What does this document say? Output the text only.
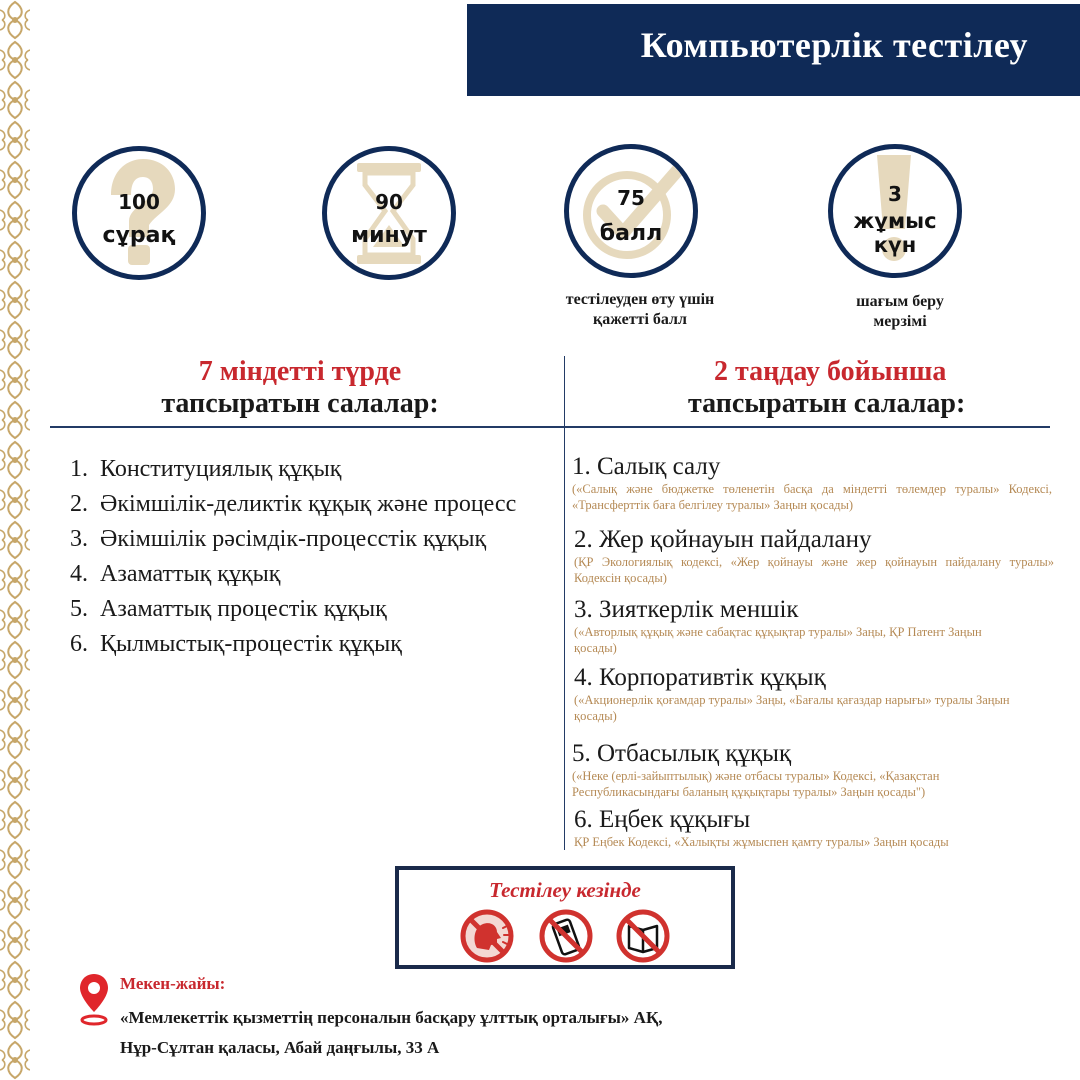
Компьютерлік тестілеу
100
сұрақ
90
минут
75
балл
тестілеуден өту үшін
қажетті балл
3
жұмыс
күн
шағым беру
мерзімі
7 міндетті түрде
тапсыратын салалар:
2 таңдау бойынша
тапсыратын салалар:
1. Конституциялық құқық
2. Әкімшілік-деликтік құқық және процесс
3. Әкімшілік рәсімдік-процесстік құқық
4. Азаматтық құқық
5. Азаматтық процестік құқық
6. Қылмыстық-процестік құқық
1. Салық салу
(«Салық және бюджетке төленетін басқа да міндетті төлемдер туралы» Кодексі, «Трансферттік баға белгілеу туралы» Заңын қосады)
2. Жер қойнауын пайдалану
(ҚР Экологиялық кодексі, «Жер қойнауы және жер қойнауын пайдалану туралы» Кодексін қосады)
3. Зияткерлік меншік
(«Авторлық құқық және сабақтас құқықтар туралы» Заңы, ҚР Патент Заңын қосады)
4. Корпоративтік құқық
(«Акционерлік қоғамдар туралы» Заңы, «Бағалы қағаздар нарығы» туралы Заңын қосады)
5. Отбасылық құқық
(«Неке (ерлі-зайыптылық) және отбасы туралы» Кодексі, «Қазақстан Республикасындағы баланың құқықтары туралы» Заңын қосады")
6. Еңбек құқығы
ҚР Еңбек Кодексі, «Халықты жұмыспен қамту туралы» Заңын қосады
Тестілеу кезінде
Мекен-жайы:
«Мемлекеттік қызметтің персоналын басқару ұлттық орталығы» АҚ,
Нұр-Сұлтан қаласы, Абай даңғылы, 33 А
